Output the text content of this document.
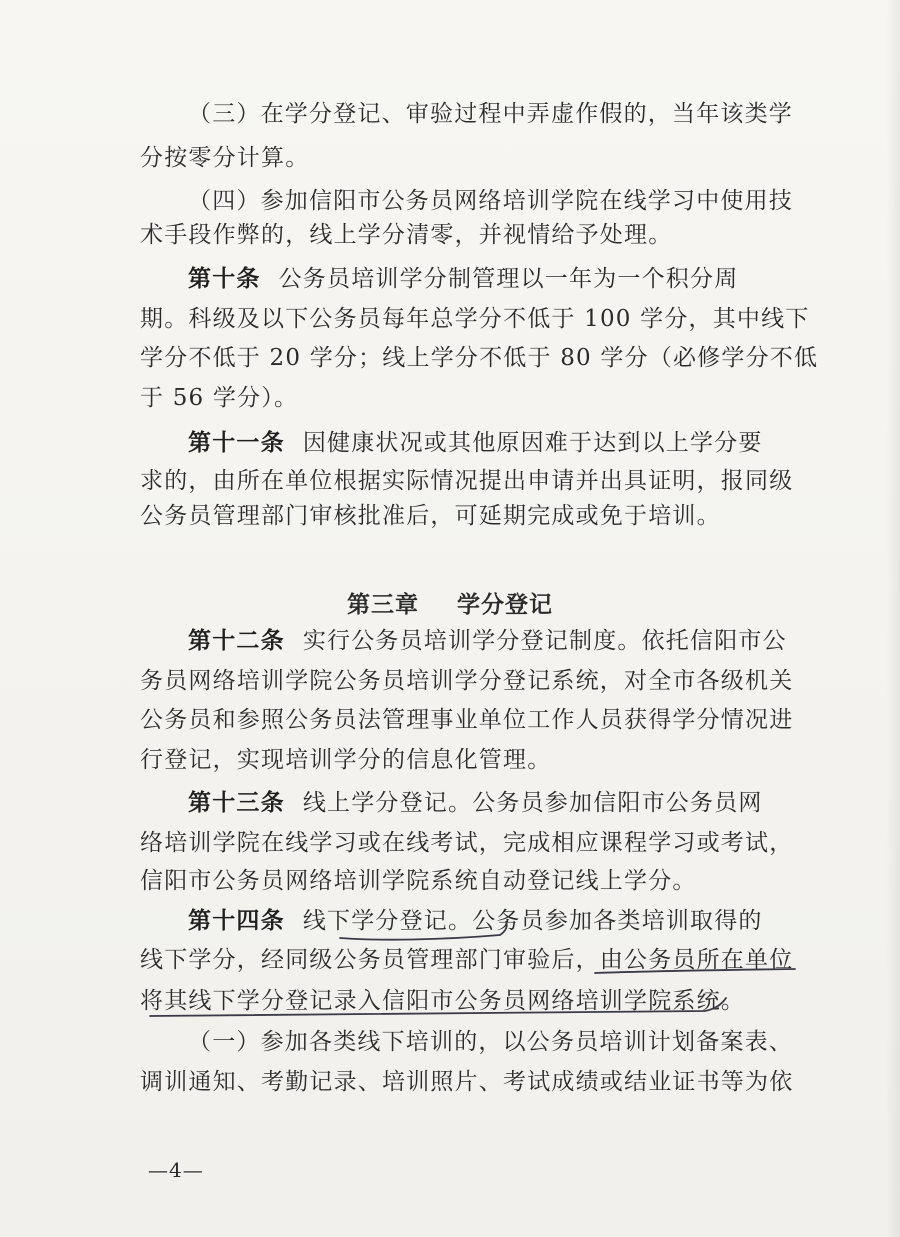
（三）在学分登记、审验过程中弄虚作假的，当年该类学
分按零分计算。
（四）参加信阳市公务员网络培训学院在线学习中使用技
术手段作弊的，线上学分清零，并视情给予处理。
第十条 公务员培训学分制管理以一年为一个积分周
期。科级及以下公务员每年总学分不低于 100 学分，其中线下
学分不低于 20 学分；线上学分不低于 80 学分（必修学分不低
于 56 学分）。
第十一条 因健康状况或其他原因难于达到以上学分要
求的，由所在单位根据实际情况提出申请并出具证明，报同级
公务员管理部门审核批准后，可延期完成或免于培训。
第三章 学分登记
第十二条 实行公务员培训学分登记制度。依托信阳市公
务员网络培训学院公务员培训学分登记系统，对全市各级机关
公务员和参照公务员法管理事业单位工作人员获得学分情况进
行登记，实现培训学分的信息化管理。
第十三条 线上学分登记。公务员参加信阳市公务员网
络培训学院在线学习或在线考试，完成相应课程学习或考试，
信阳市公务员网络培训学院系统自动登记线上学分。
第十四条 线下学分登记。公务员参加各类培训取得的
线下学分，经同级公务员管理部门审验后，由公务员所在单位
将其线下学分登记录入信阳市公务员网络培训学院系统。
（一）参加各类线下培训的，以公务员培训计划备案表、
调训通知、考勤记录、培训照片、考试成绩或结业证书等为依
—4—
